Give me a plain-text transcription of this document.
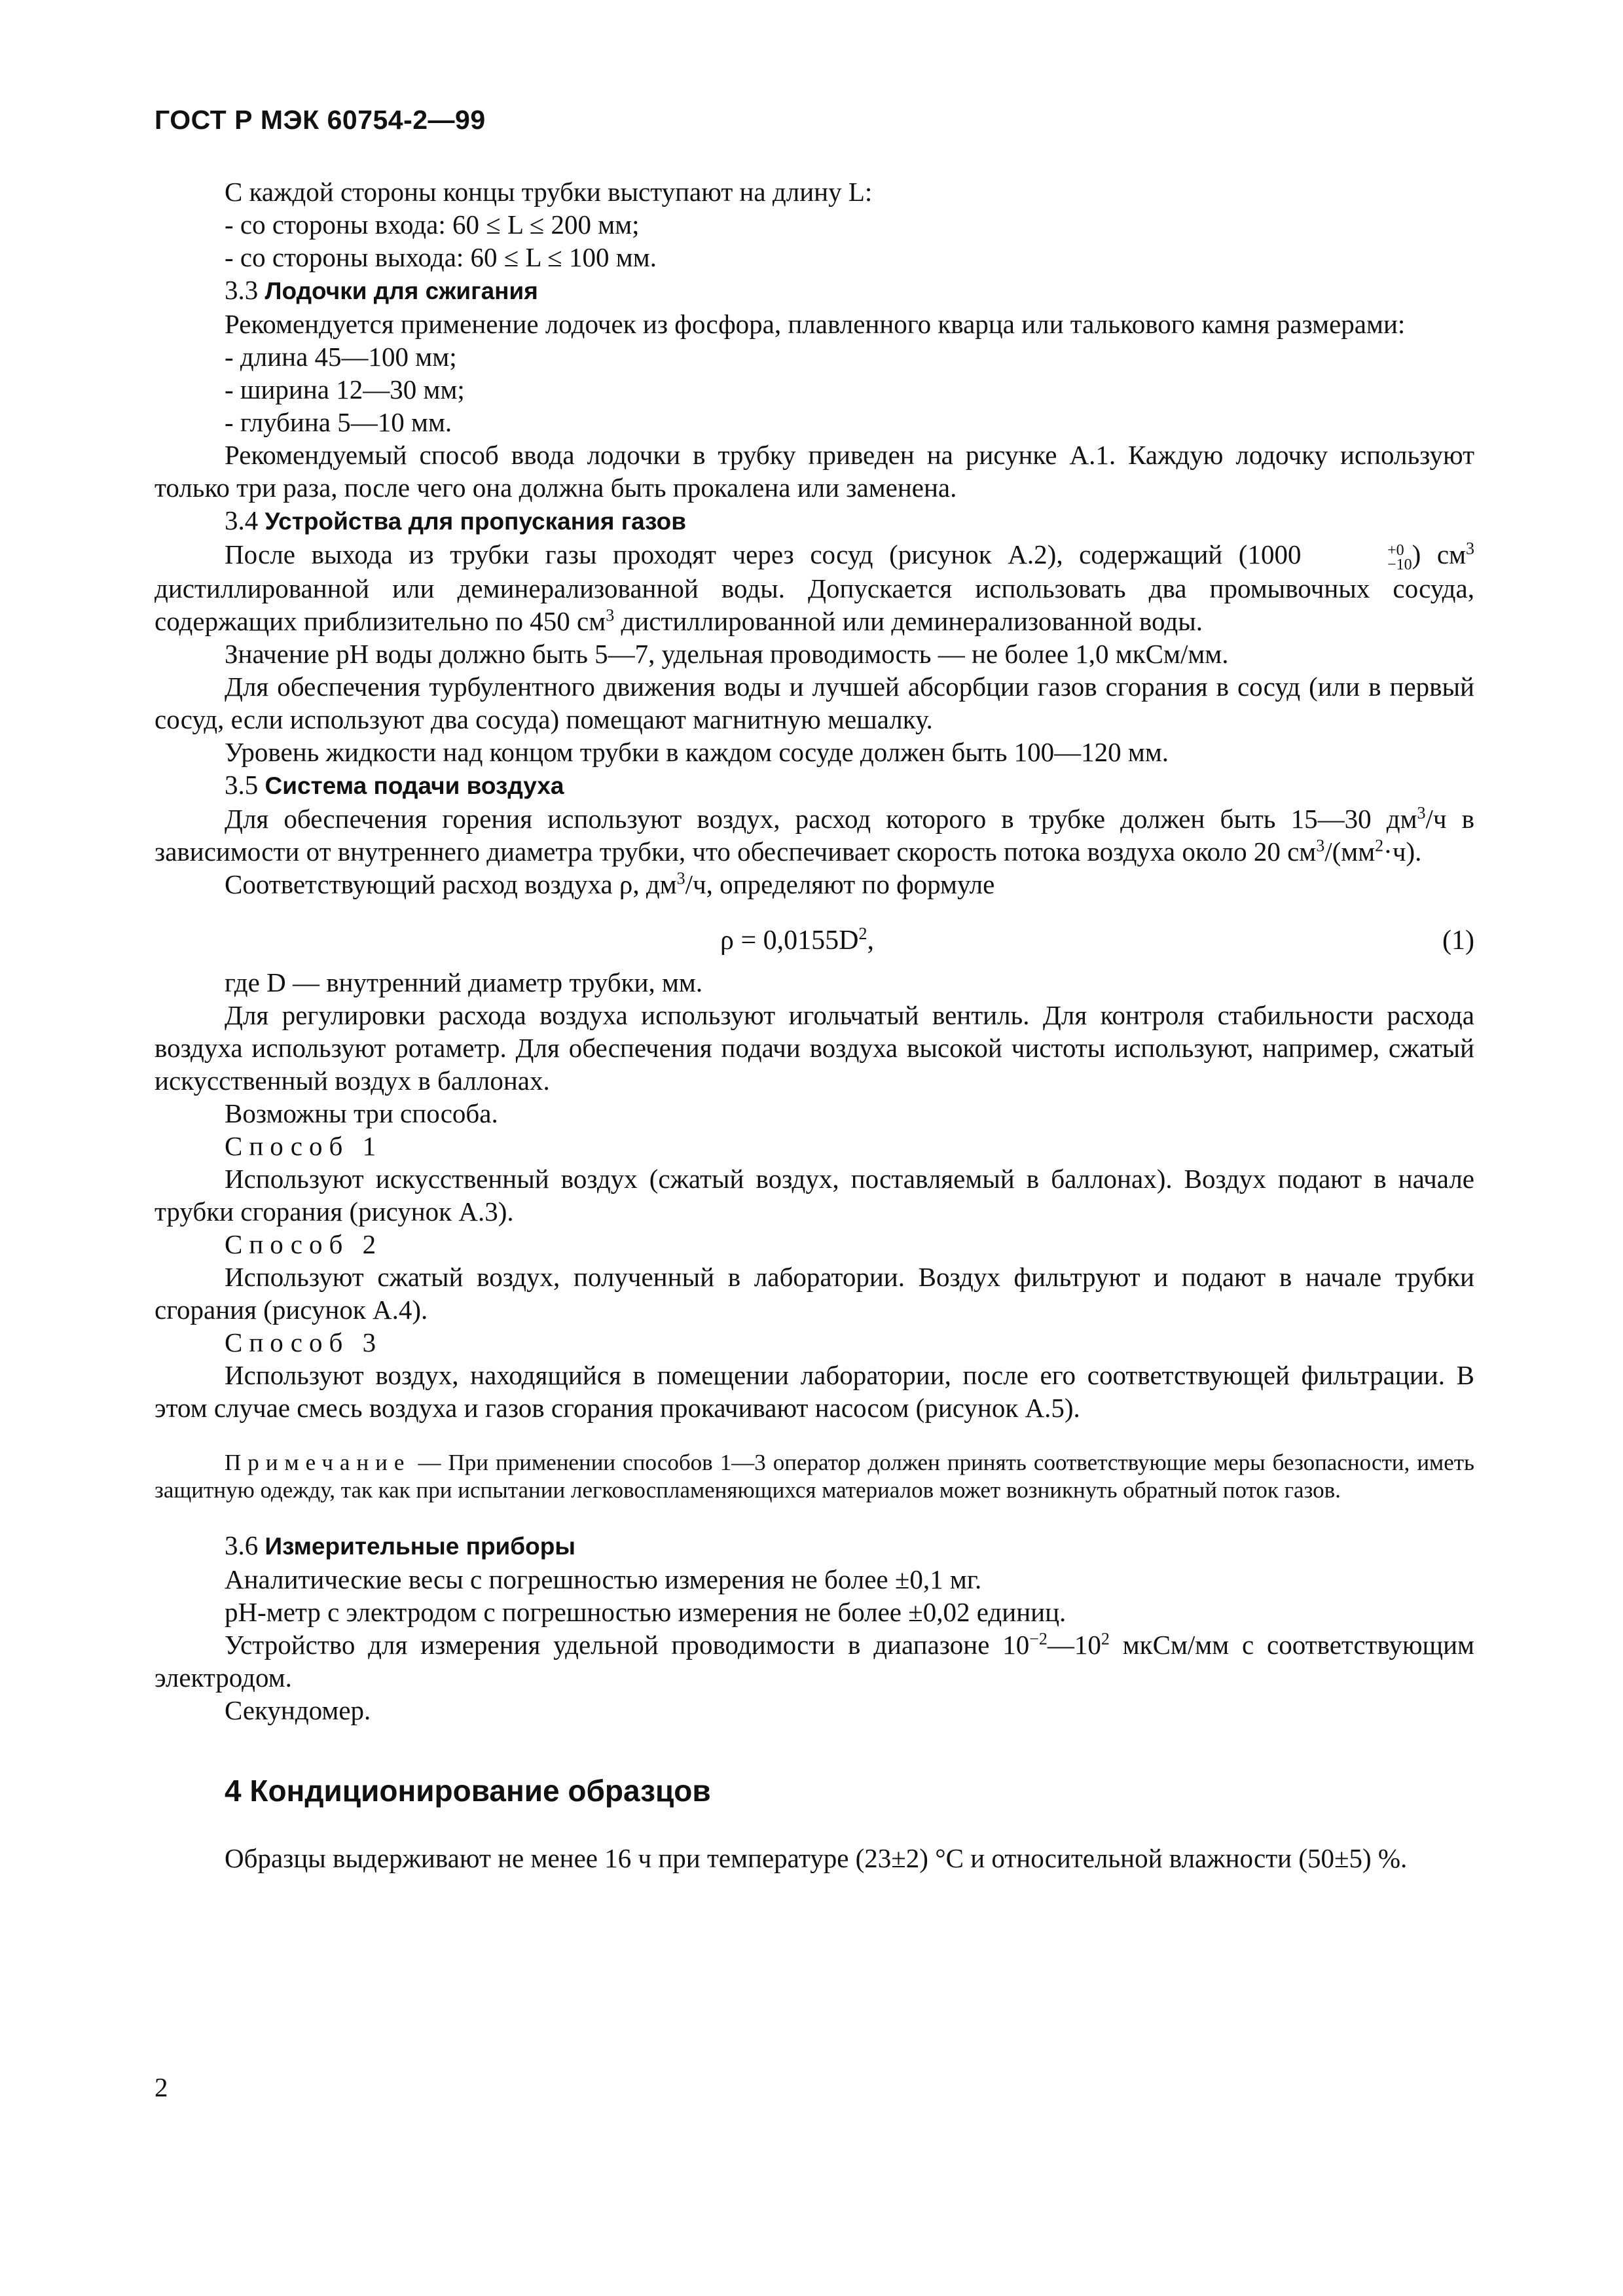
ГОСТ Р МЭК 60754-2—99

С каждой стороны концы трубки выступают на длину L:

- со стороны входа: 60 ≤ L ≤ 200 мм;

- со стороны выхода: 60 ≤ L ≤ 100 мм.

3.3 Лодочки для сжигания

Рекомендуется применение лодочек из фосфора, плавленного кварца или талькового камня размерами:

- длина 45—100 мм;

- ширина 12—30 мм;

- глубина 5—10 мм.

Рекомендуемый способ ввода лодочки в трубку приведен на рисунке А.1. Каждую лодочку используют только три раза, после чего она должна быть прокалена или заменена.

3.4 Устройства для пропускания газов

После выхода из трубки газы проходят через сосуд (рисунок А.2), содержащий (1000	+0
−10 ) $см^3$ дистиллированной или деминерализованной воды. Допускается использовать два промывочных сосуда, содержащих приблизительно по 450 $см^3$ дистиллированной или деминерализованной воды.

Значение pH воды должно быть 5—7, удельная проводимость — не более 1,0 мкСм/мм.

Для обеспечения турбулентного движения воды и лучшей абсорбции газов сгорания в сосуд (или в первый сосуд, если используют два сосуда) помещают магнитную мешалку.

Уровень жидкости над концом трубки в каждом сосуде должен быть 100—120 мм.

3.5 Система подачи воздуха

Для обеспечения горения используют воздух, расход которого в трубке должен быть 15—30 $дм^3/ч$ в зависимости от внутреннего диаметра трубки, что обеспечивает скорость потока воздуха около 20 $см^3/(мм^2\cdot ч)$.

Соответствующий расход воздуха ρ, $дм^3/ч$, определяют по формуле

$\rho = 0,0155D^2$,	(1)

где D — внутренний диаметр трубки, мм.

Для регулировки расхода воздуха используют игольчатый вентиль. Для контроля стабильности расхода воздуха используют ротаметр. Для обеспечения подачи воздуха высокой чистоты используют, например, сжатый искусственный воздух в баллонах.

Возможны три способа.

Способ 1

Используют искусственный воздух (сжатый воздух, поставляемый в баллонах). Воздух подают в начале трубки сгорания (рисунок А.3).

Способ 2

Используют сжатый воздух, полученный в лаборатории. Воздух фильтруют и подают в начале трубки сгорания (рисунок А.4).

Способ 3

Используют воздух, находящийся в помещении лаборатории, после его соответствующей фильтрации. В этом случае смесь воздуха и газов сгорания прокачивают насосом (рисунок А.5).

Примечание — При применении способов 1—3 оператор должен принять соответствующие меры безопасности, иметь защитную одежду, так как при испытании легковоспламеняющихся материалов может возникнуть обратный поток газов.

3.6 Измерительные приборы

Аналитические весы с погрешностью измерения не более ±0,1 мг.

pH-метр с электродом с погрешностью измерения не более ±0,02 единиц.

Устройство для измерения удельной проводимости в диапазоне $10^{-2}—10^2$ мкСм/мм с соответствующим электродом.

Секундомер.

4 Кондиционирование образцов

Образцы выдерживают не менее 16 ч при температуре (23±2) °С и относительной влажности (50±5) %.

2
